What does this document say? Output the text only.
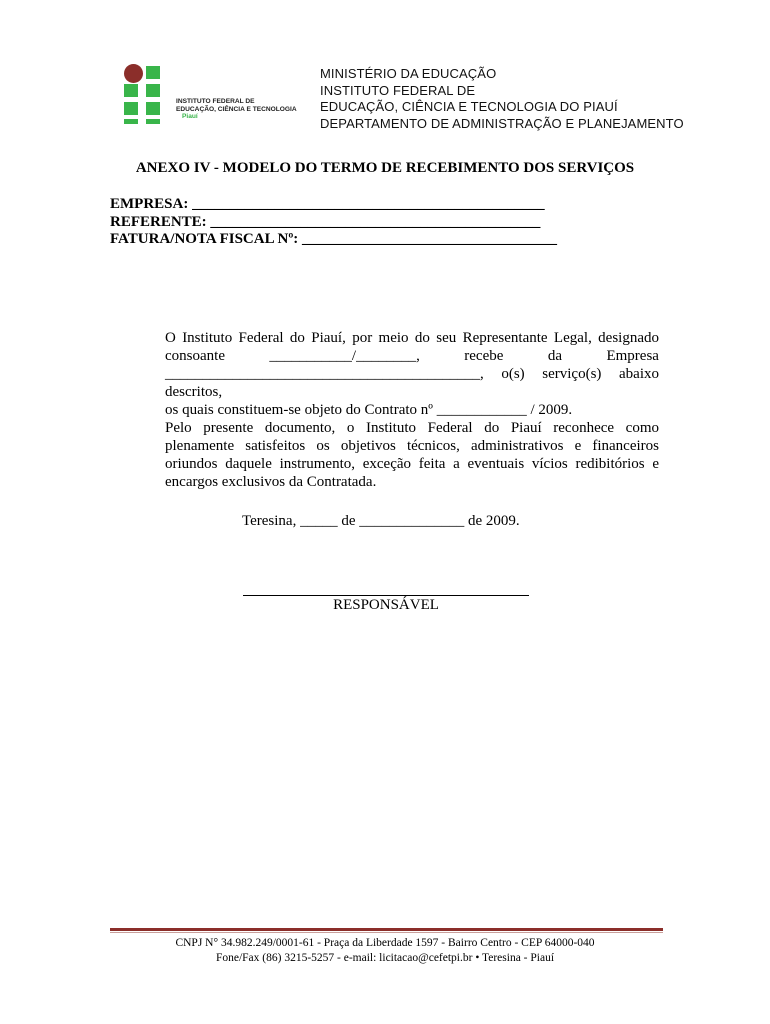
INSTITUTO FEDERAL DE
EDUCAÇÃO, CIÊNCIA E TECNOLOGIA
Piauí
MINISTÉRIO DA EDUCAÇÃO
INSTITUTO FEDERAL DE
EDUCAÇÃO, CIÊNCIA E TECNOLOGIA DO PIAUÍ
DEPARTAMENTO DE ADMINISTRAÇÃO E PLANEJAMENTO
ANEXO IV - MODELO DO TERMO DE RECEBIMENTO DOS SERVIÇOS
EMPRESA: _______________________________________________
REFERENTE: ____________________________________________
FATURA/NOTA FISCAL Nº: __________________________________
O Instituto Federal do Piauí, por meio do seu Representante Legal, designado
consoante	___________/________,	recebe	da	Empresa
__________________________________________, o(s) serviço(s) abaixo descritos,
os quais constituem-se objeto do Contrato nº ____________ / 2009.

Pelo presente documento, o Instituto Federal do Piauí reconhece como plenamente satisfeitos os objetivos técnicos, administrativos e financeiros oriundos daquele instrumento, exceção feita a eventuais vícios redibitórios e encargos exclusivos da Contratada.

Teresina, _____ de ______________ de 2009.
RESPONSÁVEL
CNPJ N° 34.982.249/0001-61 - Praça da Liberdade 1597 - Bairro Centro - CEP 64000-040
Fone/Fax (86) 3215-5257 - e-mail: licitacao@cefetpi.br • Teresina - Piauí
